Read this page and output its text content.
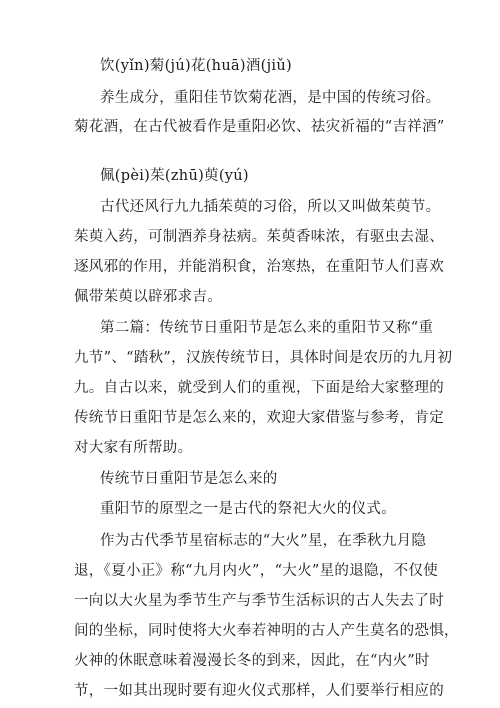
饮(yǐn)菊(jú)花(huā)酒(jiǔ)
养生成分，重阳佳节饮菊花酒，是中国的传统习俗。
菊花酒，在古代被看作是重阳必饮、祛灾祈福的“吉祥酒”
佩(pèi)茱(zhū)萸(yú)
古代还风行九九插茱萸的习俗，所以又叫做茱萸节。
茱萸入药，可制酒养身祛病。茱萸香味浓，有驱虫去湿、
逐风邪的作用，并能消积食，治寒热，在重阳节人们喜欢
佩带茱萸以辟邪求吉。
第二篇：传统节日重阳节是怎么来的重阳节又称“重
九节”、“踏秋”，汉族传统节日，具体时间是农历的九月初
九。自古以来，就受到人们的重视，下面是给大家整理的
传统节日重阳节是怎么来的，欢迎大家借鉴与参考，肯定
对大家有所帮助。
传统节日重阳节是怎么来的
重阳节的原型之一是古代的祭祀大火的仪式。
作为古代季节星宿标志的“大火”星，在季秋九月隐
退，《夏小正》称“九月内火”，“大火”星的退隐，不仅使
一向以大火星为季节生产与季节生活标识的古人失去了时
间的坐标，同时使将大火奉若神明的古人产生莫名的恐惧，
火神的休眠意味着漫漫长冬的到来，因此，在“内火”时
节，一如其出现时要有迎火仪式那样，人们要举行相应的
